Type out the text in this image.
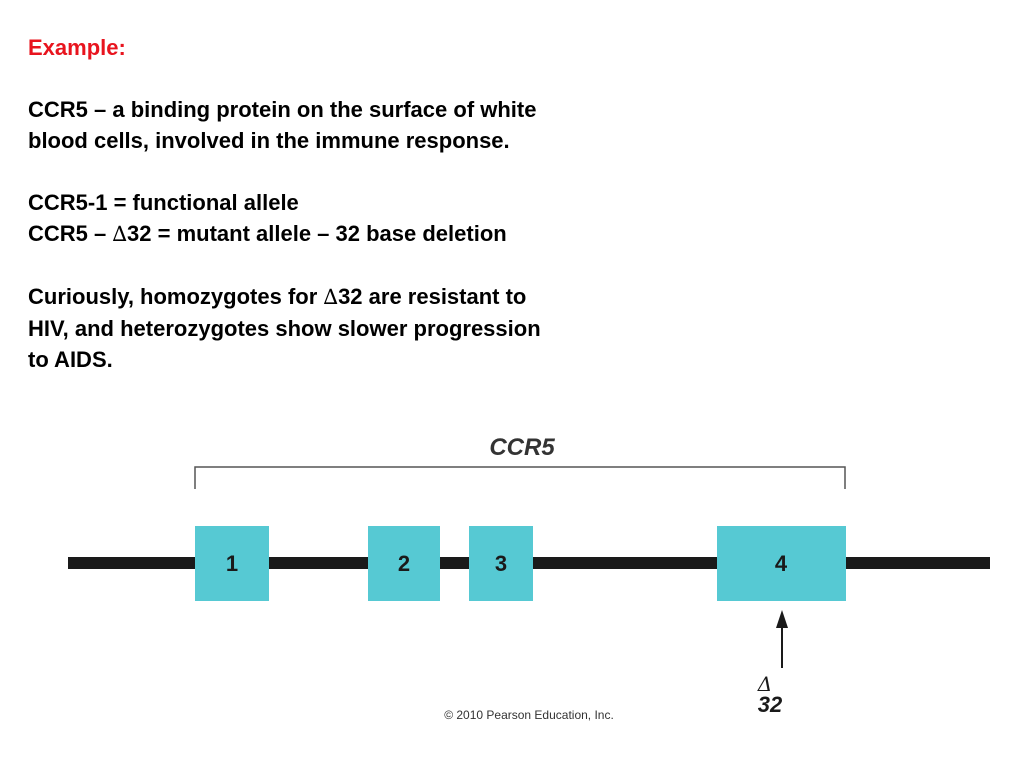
Example:

CCR5 – a binding protein on the surface of white
blood cells, involved in the immune response.

CCR5-1 = functional allele
CCR5 – ∆32 = mutant allele – 32 base deletion

Curiously, homozygotes for ∆32 are resistant to
HIV, and heterozygotes show slower progression
to AIDS.

CCR5
1	2	3	4
Δ
32
© 2010 Pearson Education, Inc.
